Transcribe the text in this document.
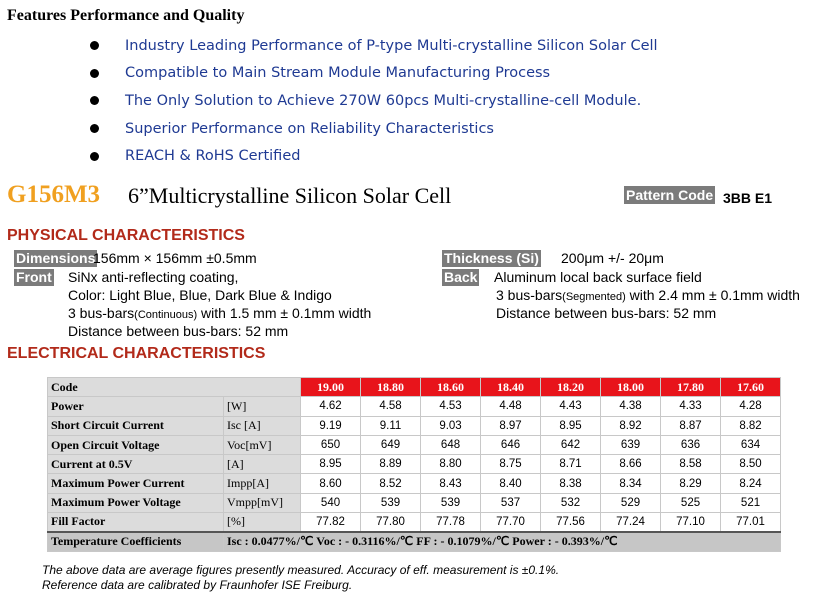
Features Performance and Quality
Industry Leading Performance of P-type Multi-crystalline Silicon Solar Cell
Compatible to Main Stream Module Manufacturing Process
The Only Solution to Achieve 270W 60pcs Multi-crystalline-cell Module.
Superior Performance on Reliability Characteristics
REACH & RoHS Certified
G156M3 6”Multicrystalline Silicon Solar Cell	Pattern Code 3BB E1
PHYSICAL CHARACTERISTICS
Dimensions
156mm × 156mm ±0.5mm
Front SiNx anti-reflecting coating,
Color: Light Blue, Blue, Dark Blue & Indigo
3 bus-bars(Continuous) with 1.5 mm ± 0.1mm width
Distance between bus-bars: 52 mm
Thickness (Si) 200μm +/- 20μm
Back Aluminum local back surface field
3 bus-bars(Segmented) with 2.4 mm ± 0.1mm width
Distance between bus-bars: 52 mm
ELECTRICAL CHARACTERISTICS
Code		19.00	18.80	18.60	18.40	18.20	18.00	17.80	17.60
Power	[W]	4.62	4.58	4.53	4.48	4.43	4.38	4.33	4.28
Short Circuit Current	Isc [A]	9.19	9.11	9.03	8.97	8.95	8.92	8.87	8.82
Open Circuit Voltage	Voc[mV]	650	649	648	646	642	639	636	634
Current at 0.5V	[A]	8.95	8.89	8.80	8.75	8.71	8.66	8.58	8.50
Maximum Power Current	Impp[A]	8.60	8.52	8.43	8.40	8.38	8.34	8.29	8.24
Maximum Power Voltage	Vmpp[mV]	540	539	539	537	532	529	525	521
Fill Factor	[%]	77.82	77.80	77.78	77.70	77.56	77.24	77.10	77.01
Temperature Coefficients	Isc : 0.0477%/℃ Voc : - 0.3116%/℃ FF : - 0.1079%/℃ Power : - 0.393%/℃								
The above data are average figures presently measured. Accuracy of eff. measurement is ±0.1%.
Reference data are calibrated by Fraunhofer ISE Freiburg.
